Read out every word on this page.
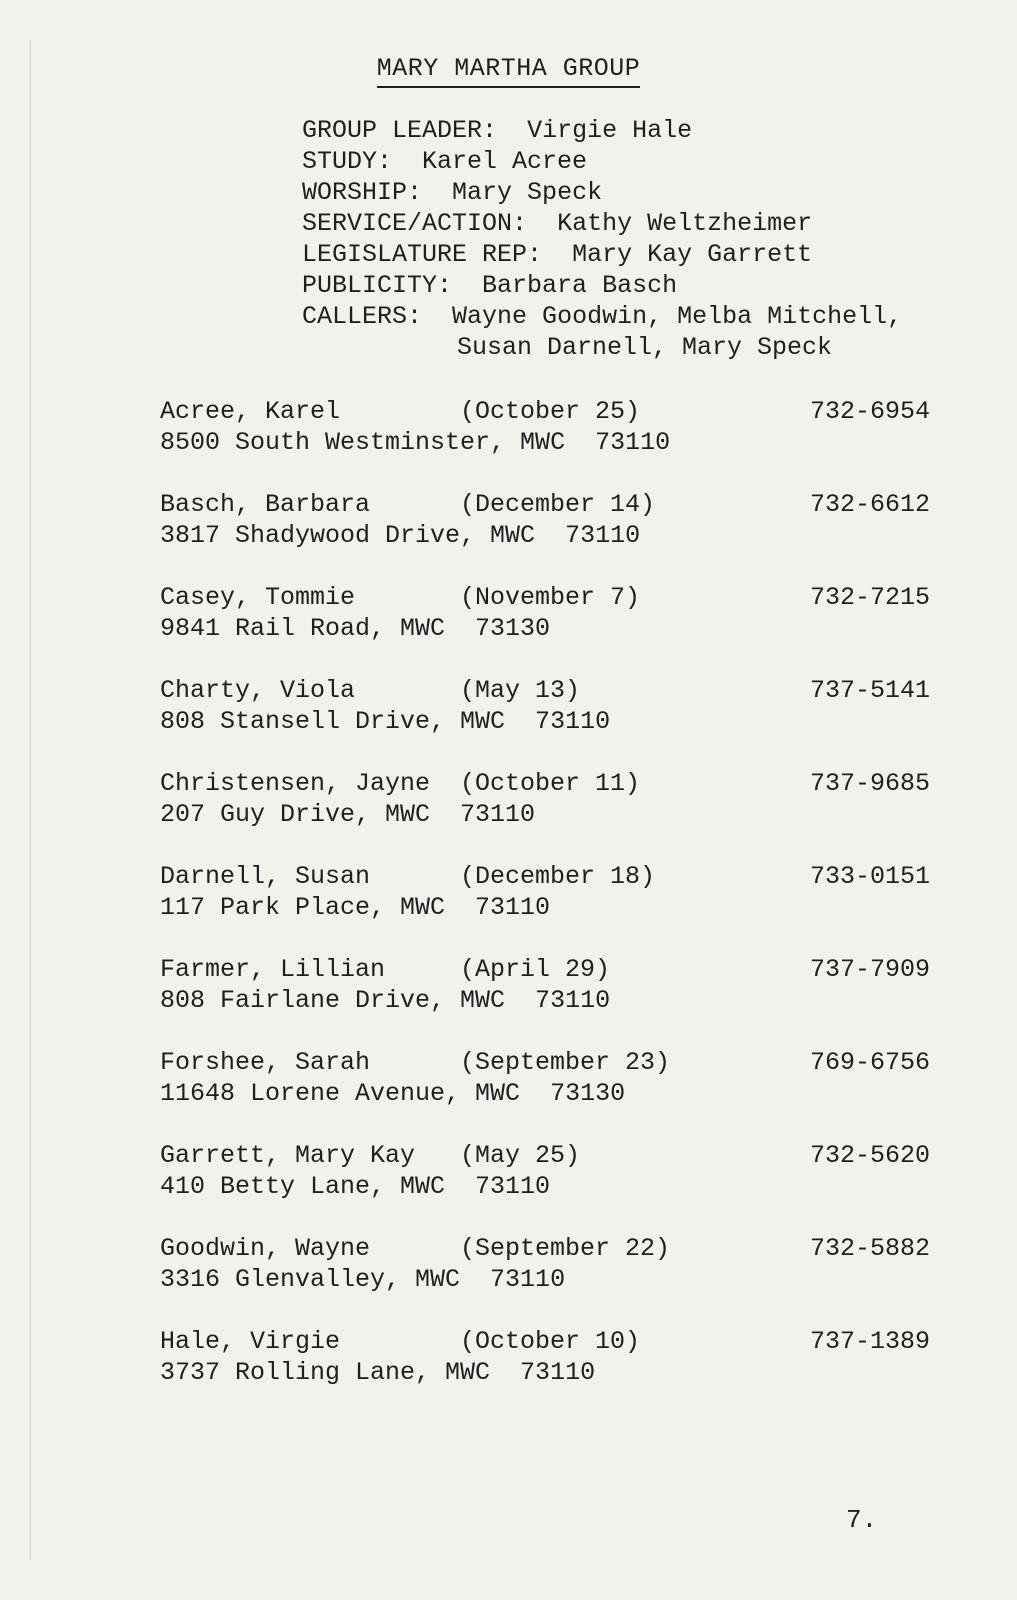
MARY MARTHA GROUP
GROUP LEADER: Virgie Hale
STUDY: Karel Acree
WORSHIP: Mary Speck
SERVICE/ACTION: Kathy Weltzheimer
LEGISLATURE REP: Mary Kay Garrett
PUBLICITY: Barbara Basch
CALLERS: Wayne Goodwin, Melba Mitchell,
Susan Darnell, Mary Speck
Acree, Karel	(October 25)	732-6954
8500 South Westminster, MWC  73110
Basch, Barbara	(December 14)	732-6612
3817 Shadywood Drive, MWC  73110
Casey, Tommie	(November 7)	732-7215
9841 Rail Road, MWC  73130
Charty, Viola	(May 13)	737-5141
808 Stansell Drive, MWC  73110
Christensen, Jayne (October 11)	737-9685
207 Guy Drive, MWC  73110
Darnell, Susan	(December 18)	733-0151
117 Park Place, MWC  73110
Farmer, Lillian	(April 29)	737-7909
808 Fairlane Drive, MWC  73110
Forshee, Sarah	(September 23)	769-6756
11648 Lorene Avenue, MWC  73130
Garrett, Mary Kay (May 25)	732-5620
410 Betty Lane, MWC  73110
Goodwin, Wayne	(September 22)	732-5882
3316 Glenvalley, MWC  73110
Hale, Virgie	(October 10)	737-1389
3737 Rolling Lane, MWC  73110
7.
